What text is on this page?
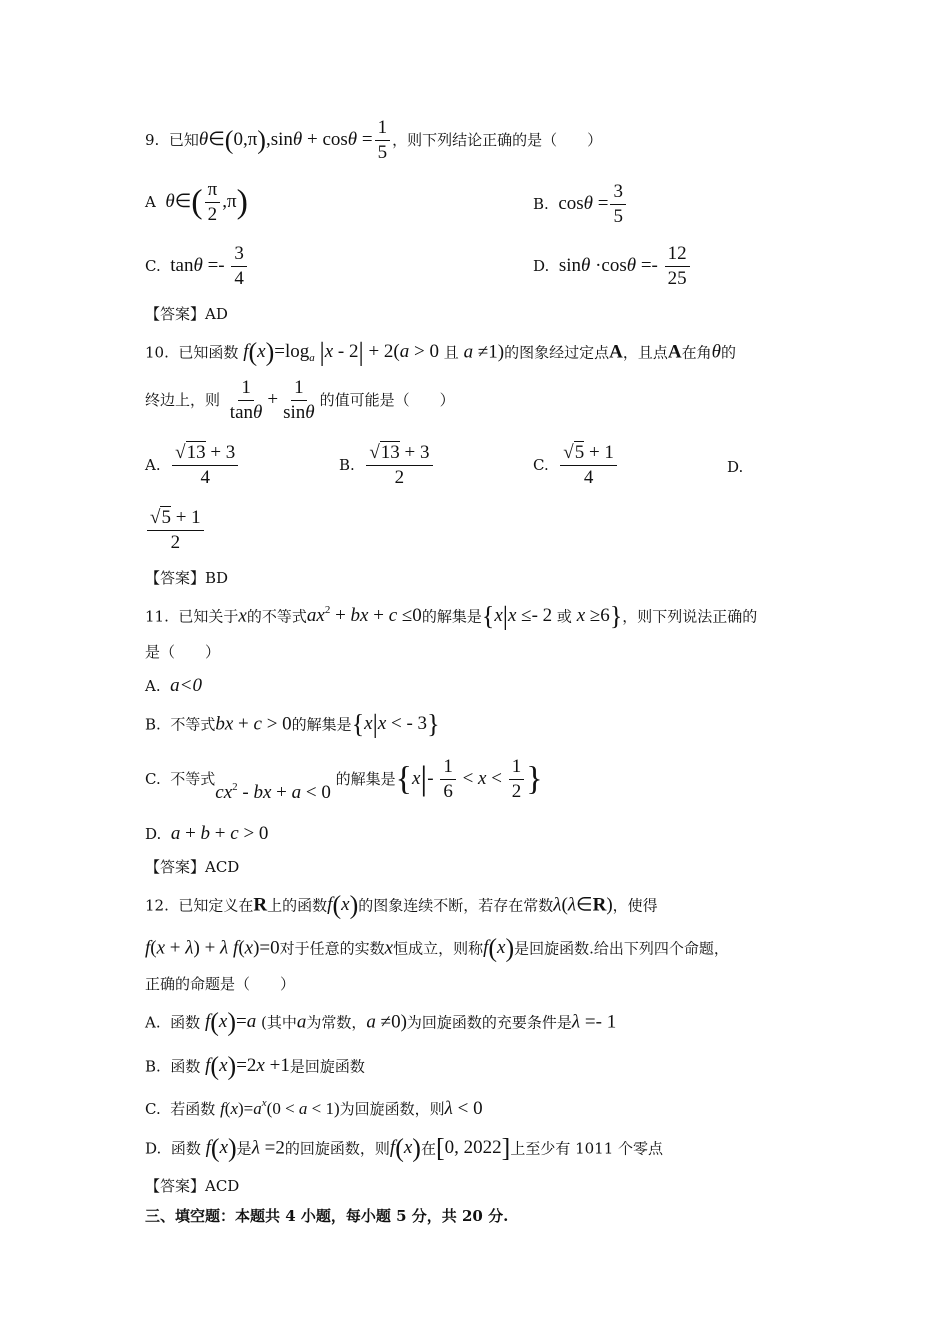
9. 已知θ∈(0,π),sinθ + $\cos\theta = \frac{1}{5}$ ，则下列结论正确的是（　　）
A θ∈( $\frac{\pi}{2} ,\pi$)	B. $\cos\theta = \frac{3}{5}$
C. $\tan\theta =- \frac{3}{4}$	D. $\sin\theta \cdot\cos\theta =- \frac{12}{25}$
【答案】AD
10. 已知函数 $f(x)=\log_a$ |x - 2| + 2(a > 0 且 a ≠1)的图象经过定点A，且点A在角θ的
终边上，则 $\frac{1}{\tan\theta} + \frac{1}{\sin\theta}$ 的值可能是（　　）
A. $\frac{√13 + 3}{4}$	B. $\frac{√13 + 3}{2}$	C. $\frac{√5 + 1}{4}$	D.
$\frac{√5 + 1}{2}$
【答案】BD
11. 已知关于x的不等式$ax^2$ + bx + c ≤0的解集是{x|x ≤- 2 或 x ≥6}，则下列说法正确的
是（　　）
A. a<0
B. 不等式bx + c > 0的解集是{x|x < - 3}
C. 不等式$cx^2$ - bx + a < 0 的解集是{$x|- \frac{1}{6} < x < \frac{1}{2}$ }
D. a + b + c > 0
【答案】ACD
12. 已知定义在R上的函数f(x)的图象连续不断，若存在常数λ(λ∈R)，使得
f(x + λ) + λ f(x)=0对于任意的实数x恒成立，则称f(x)是回旋函数.给出下列四个命题，
正确的命题是（　　）
A. 函数 f(x)=a (其中a为常数，a ≠0)为回旋函数的充要条件是λ =- 1
B. 函数 f(x)=2x +1是回旋函数
C. 若函数 $f(x)=a^x(0 < a < 1)$为回旋函数，则λ < 0
D. 函数 f(x)是λ =2的回旋函数，则f(x)在[0, 2022]上至少有 1011 个零点
【答案】ACD
三、填空题：本题共 4 小题，每小题 5 分，共 20 分.
